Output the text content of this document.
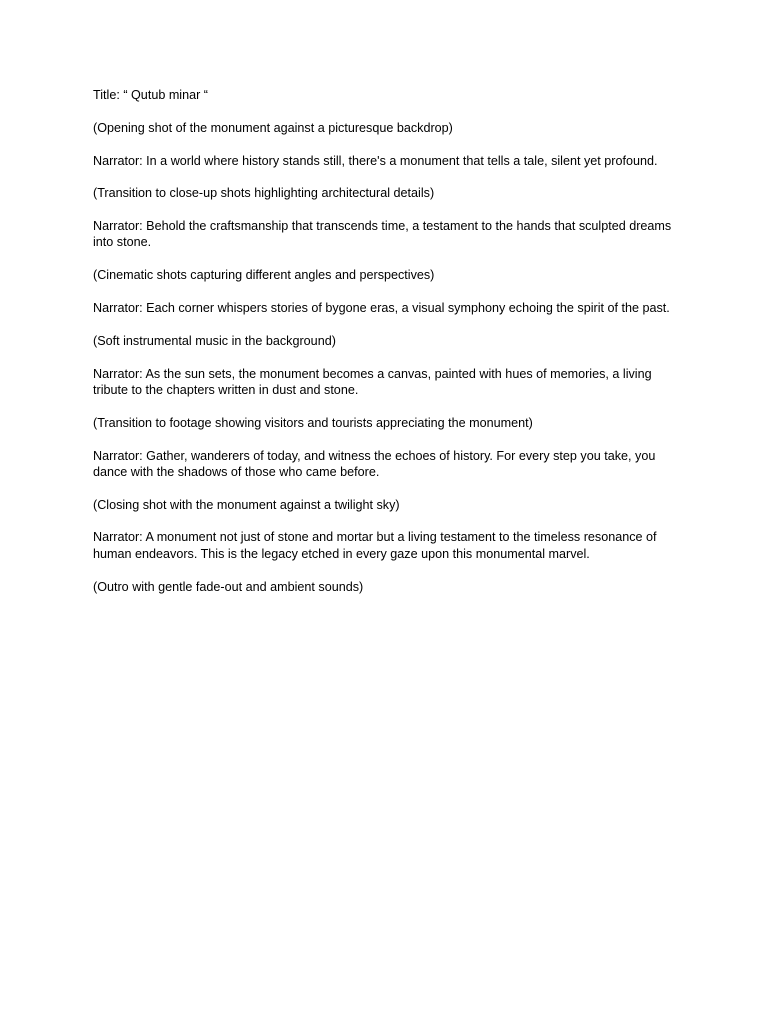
Title: “ Qutub minar “

(Opening shot of the monument against a picturesque backdrop)

Narrator: In a world where history stands still, there's a monument that tells a tale, silent yet profound.

(Transition to close-up shots highlighting architectural details)

Narrator: Behold the craftsmanship that transcends time, a testament to the hands that sculpted dreams into stone.

(Cinematic shots capturing different angles and perspectives)

Narrator: Each corner whispers stories of bygone eras, a visual symphony echoing the spirit of the past.

(Soft instrumental music in the background)

Narrator: As the sun sets, the monument becomes a canvas, painted with hues of memories, a living tribute to the chapters written in dust and stone.

(Transition to footage showing visitors and tourists appreciating the monument)

Narrator: Gather, wanderers of today, and witness the echoes of history. For every step you take, you dance with the shadows of those who came before.

(Closing shot with the monument against a twilight sky)

Narrator: A monument not just of stone and mortar but a living testament to the timeless resonance of human endeavors. This is the legacy etched in every gaze upon this monumental marvel.

(Outro with gentle fade-out and ambient sounds)
